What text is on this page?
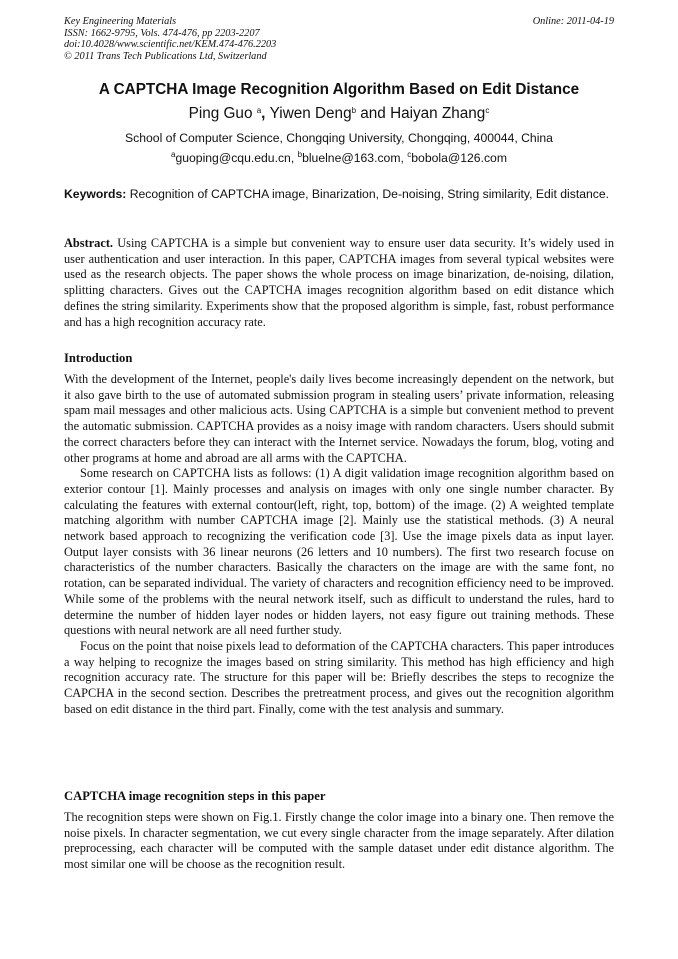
Key Engineering Materials
ISSN: 1662-9795, Vols. 474-476, pp 2203-2207
doi:10.4028/www.scientific.net/KEM.474-476.2203
© 2011 Trans Tech Publications Ltd, Switzerland
Online: 2011-04-19
A CAPTCHA Image Recognition Algorithm Based on Edit Distance
Ping Guo $^a$, Yiwen Deng$^b$ and Haiyan Zhang$^c$
School of Computer Science, Chongqing University, Chongqing, 400044, China
$^a$guoping@cqu.edu.cn, $^b$bluelne@163.com, $^c$bobola@126.com
Keywords: Recognition of CAPTCHA image, Binarization, De-noising, String similarity, Edit distance.

Abstract. Using CAPTCHA is a simple but convenient way to ensure user data security. It’s widely used in user authentication and user interaction. In this paper, CAPTCHA images from several typical websites were used as the research objects. The paper shows the whole process on image binarization, de-noising, dilation, splitting characters. Gives out the CAPTCHA images recognition algorithm based on edit distance which defines the string similarity. Experiments show that the proposed algorithm is simple, fast, robust performance and has a high recognition accuracy rate.

Introduction

With the development of the Internet, people's daily lives become increasingly dependent on the network, but it also gave birth to the use of automated submission program in stealing users’ private information, releasing spam mail messages and other malicious acts. Using CAPTCHA is a simple but convenient method to prevent the automatic submission. CAPTCHA provides as a noisy image with random characters. Users should submit the correct characters before they can interact with the Internet service. Nowadays the forum, blog, voting and other programs at home and abroad are all arms with the CAPTCHA.

Some research on CAPTCHA lists as follows: (1) A digit validation image recognition algorithm based on exterior contour [1]. Mainly processes and analysis on images with only one single number character. By calculating the features with external contour(left, right, top, bottom) of the image. (2) A weighted template matching algorithm with number CAPTCHA image [2]. Mainly use the statistical methods. (3) A neural network based approach to recognizing the verification code [3]. Use the image pixels data as input layer. Output layer consists with 36 linear neurons (26 letters and 10 numbers). The first two research focuse on characteristics of the number characters. Basically the characters on the image are with the same font, no rotation, can be separated individual. The variety of characters and recognition efficiency need to be improved. While some of the problems with the neural network itself, such as difficult to understand the rules, hard to determine the number of hidden layer nodes or hidden layers, not easy figure out training methods. These questions with neural network are all need further study.

Focus on the point that noise pixels lead to deformation of the CAPTCHA characters. This paper introduces a way helping to recognize the images based on string similarity. This method has high efficiency and high recognition accuracy rate. The structure for this paper will be: Briefly describes the steps to recognize the CAPCHA in the second section. Describes the pretreatment process, and gives out the recognition algorithm based on edit distance in the third part. Finally, come with the test analysis and summary.

CAPTCHA image recognition steps in this paper

The recognition steps were shown on Fig.1. Firstly change the color image into a binary one. Then remove the noise pixels. In character segmentation, we cut every single character from the image separately. After dilation preprocessing, each character will be computed with the sample dataset under edit distance algorithm. The most similar one will be choose as the recognition result.
